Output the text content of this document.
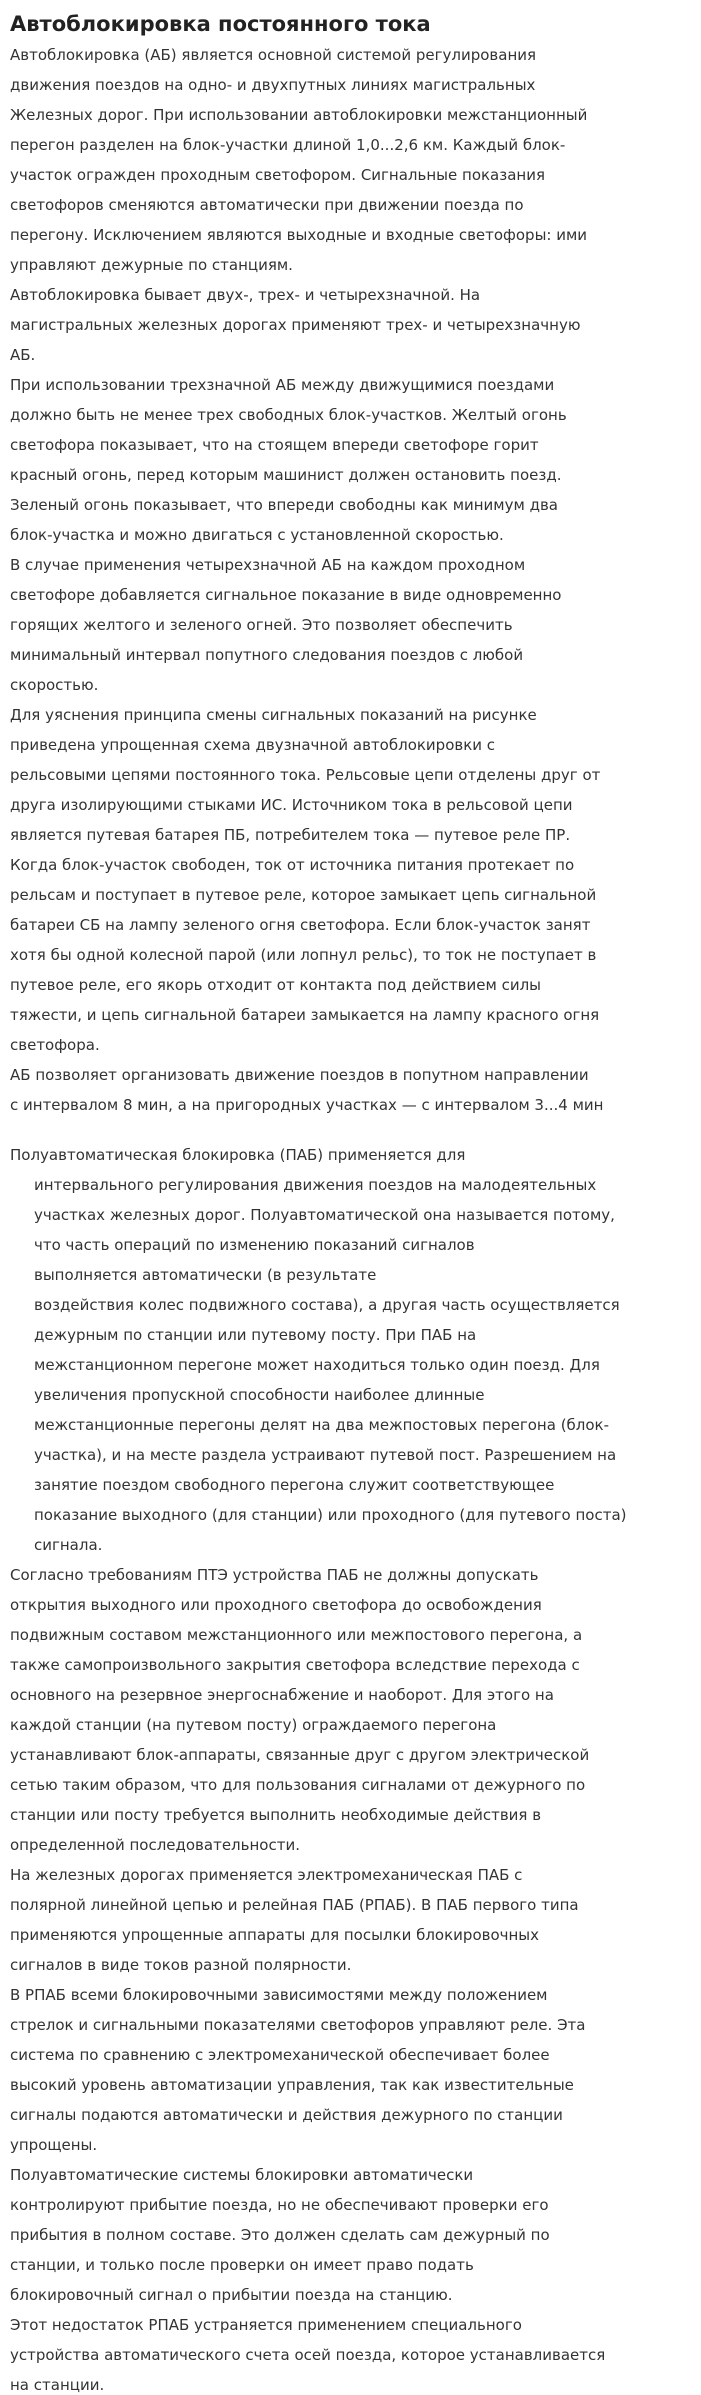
Автоблокировка постоянного тока
Автоблокировка (АБ) является основной системой регулирования
движения поездов на одно- и двухпутных линиях магистральных
Железных дорог. При использовании автоблокировки межстанционный
перегон разделен на блок-участки длиной 1,0...2,6 км. Каждый блок-
участок огражден проходным светофором. Сигнальные показания
светофоров сменяются автоматически при движении поезда по
перегону. Исключением являются выходные и входные светофоры: ими
управляют дежурные по станциям.
Автоблокировка бывает двух-, трех- и четырехзначной. На
магистральных железных дорогах применяют трех- и четырехзначную
АБ.
При использовании трехзначной АБ между движущимися поездами
должно быть не менее трех свободных блок-участков. Желтый огонь
светофора показывает, что на стоящем впереди светофоре горит
красный огонь, перед которым машинист должен остановить поезд.
Зеленый огонь показывает, что впереди свободны как минимум два
блок-участка и можно двигаться с установленной скоростью.
В случае применения четырехзначной АБ на каждом проходном
светофоре добавляется сигнальное показание в виде одновременно
горящих желтого и зеленого огней. Это позволяет обеспечить
минимальный интервал попутного следования поездов с любой
скоростью.
Для уяснения принципа смены сигнальных показаний на рисунке
приведена упрощенная схема двузначной автоблокировки с
рельсовыми цепями постоянного тока. Рельсовые цепи отделены друг от
друга изолирующими стыками ИС. Источником тока в рельсовой цепи
является путевая батарея ПБ, потребителем тока — путевое реле ПР.
Когда блок-участок свободен, ток от источника питания протекает по
рельсам и поступает в путевое реле, которое замыкает цепь сигнальной
батареи СБ на лампу зеленого огня светофора. Если блок-участок занят
хотя бы одной колесной парой (или лопнул рельс), то ток не поступает в
путевое реле, его якорь отходит от контакта под действием силы
тяжести, и цепь сигнальной батареи замыкается на лампу красного огня
светофора.
АБ позволяет организовать движение поездов в попутном направлении
с интервалом 8 мин, а на пригородных участках — с интервалом 3...4 мин
Полуавтоматическая блокировка (ПАБ) применяется для
интервального регулирования движения поездов на малодеятельных
участках железных дорог. Полуавтоматической она называется потому,
что часть операций по изменению показаний сигналов
выполняется автоматически (в результате
воздействия колес подвижного состава), а другая часть осуществляется
дежурным по станции или путевому посту. При ПАБ на
межстанционном перегоне может находиться только один поезд. Для
увеличения пропускной способности наиболее длинные
межстанционные перегоны делят на два межпостовых перегона (блок-
участка), и на месте раздела устраивают путевой пост. Разрешением на
занятие поездом свободного перегона служит соответствующее
показание выходного (для станции) или проходного (для путевого поста)
сигнала.
Согласно требованиям ПТЭ устройства ПАБ не должны допускать
открытия выходного или проходного светофора до освобождения
подвижным составом межстанционного или межпостового перегона, а
также самопроизвольного закрытия светофора вследствие перехода с
основного на резервное энергоснабжение и наоборот. Для этого на
каждой станции (на путевом посту) ограждаемого перегона
устанавливают блок-аппараты, связанные друг с другом электрической
сетью таким образом, что для пользования сигналами от дежурного по
станции или посту требуется выполнить необходимые действия в
определенной последовательности.
На железных дорогах применяется электромеханическая ПАБ с
полярной линейной цепью и релейная ПАБ (РПАБ). В ПАБ первого типа
применяются упрощенные аппараты для посылки блокировочных
сигналов в виде токов разной полярности.
В РПАБ всеми блокировочными зависимостями между положением
стрелок и сигнальными показателями светофоров управляют реле. Эта
система по сравнению с электромеханической обеспечивает более
высокий уровень автоматизации управления, так как известительные
сигналы подаются автоматически и действия дежурного по станции
упрощены.
Полуавтоматические системы блокировки автоматически
контролируют прибытие поезда, но не обеспечивают проверки его
прибытия в полном составе. Это должен сделать сам дежурный по
станции, и только после проверки он имеет право подать
блокировочный сигнал о прибытии поезда на станцию.
Этот недостаток РПАБ устраняется применением специального
устройства автоматического счета осей поезда, которое устанавливается
на станции.
